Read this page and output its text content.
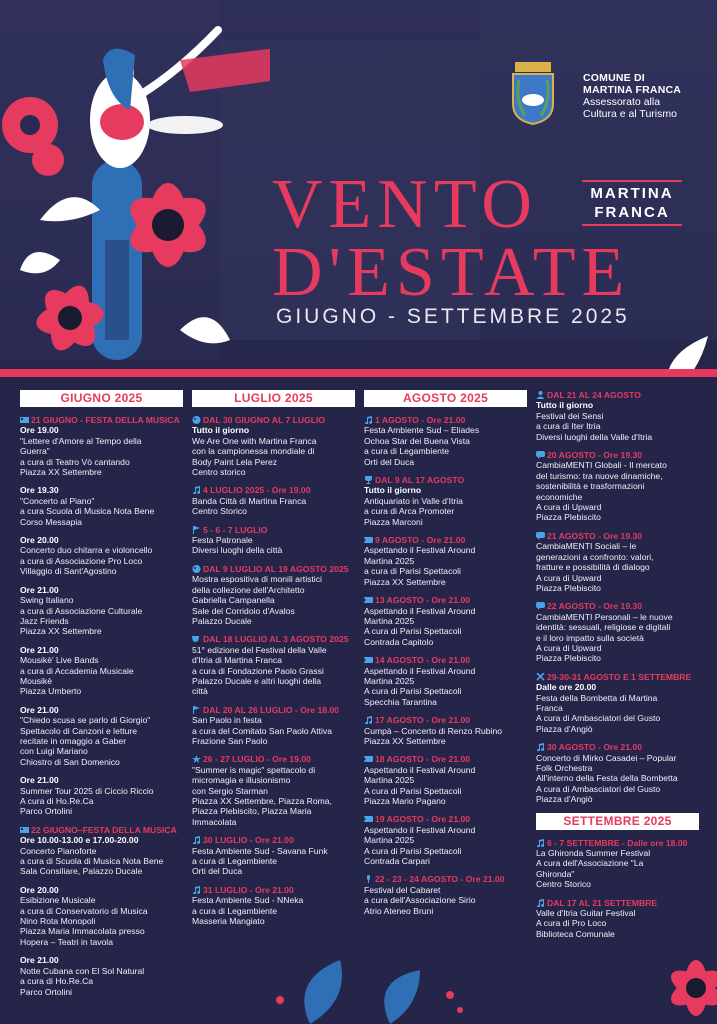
COMUNE DI
MARTINA FRANCA
Assessorato alla
Cultura e al Turismo
VENTO
D'ESTATE
MARTINA
FRANCA
GIUGNO - SETTEMBRE 2025
GIUGNO 2025
21 GIUGNO - FESTA DELLA MUSICA
Ore 19.00
"Lettere d'Amore al Tempo della
Guerra"
a cura di Teatro Vò cantando
Piazza XX Settembre
Ore 19.30
"Concerto al Piano"
a cura Scuola di Musica Nota Bene
Corso Messapia
Ore 20.00
Concerto duo chitarra e violoncello
a cura di Associazione Pro Loco
Villaggio di Sant'Agostino
Ore 21.00
Swing Italiano
a cura di Associazione Culturale
Jazz Friends
Piazza XX Settembre
Ore 21.00
Mousikè' Live Bands
a cura di Accademia Musicale
Mousikè
Piazza Umberto
Ore 21.00
"Chiedo scusa se parlo di Giorgio"
Spettacolo di Canzoni e letture
recitate in omaggio a Gaber
con Luigi Mariano
Chiostro di San Domenico
Ore 21.00
Summer Tour 2025 di Ciccio Riccio
A cura di Ho.Re.Ca
Parco Ortolini
22 GIUGNO–FESTA DELLA MUSICA
Ore 10.00-13.00 e 17.00-20.00
Concerto Pianoforte
a cura di Scuola di Musica Nota Bene
Sala Consiliare, Palazzo Ducale
Ore 20.00
Esibizione Musicale
a cura di Conservatorio di Musica
Nino Rota Monopoli
Piazza Maria Immacolata presso
Hopera – Teatri in tavola
Ore 21.00
Notte Cubana con El Sol Natural
a cura di Ho.Re.Ca
Parco Ortolini
LUGLIO 2025
DAL 30 GIUGNO AL 7 LUGLIO
Tutto il giorno
We Are One with Martina Franca
con la campionessa mondiale di
Body Paint Lela Perez
Centro storico
4 LUGLIO 2025 - Ore 19.00
Banda Città di Martina Franca
Centro Storico
5 - 6 - 7 LUGLIO
Festa Patronale
Diversi luoghi della città
DAL 9 LUGLIO AL 19 AGOSTO 2025
Mostra espositiva di monili artistici
della collezione dell'Architetto
Gabriella Campanella
Sale del Corridoio d'Avalos
Palazzo Ducale
DAL 18 LUGLIO AL 3 AGOSTO 2025
51° edizione del Festival della Valle
d'Itria di Martina Franca
a cura di Fondazione Paolo Grassi
Palazzo Ducale e altri luoghi della
città
DAL 20 AL 26 LUGLIO - Ore 18.00
San Paolo in festa
a cura del Comitato San Paolo Attiva
Frazione San Paolo
26 - 27 LUGLIO - Ore 19.00
"Summer is magic" spettacolo di
micromagia e illusionismo
con Sergio Starman
Piazza XX Settembre, Piazza Roma,
Piazza Plebiscito, Piazza Maria
Immacolata
30 LUGLIO - Ore 21.00
Festa Ambiente Sud - Savana Funk
a cura di Legambiente
Orti del Duca
31 LUGLIO - Ore 21.00
Festa Ambiente Sud - NNeka
a cura di Legambiente
Masseria Mangiato
AGOSTO 2025
1 AGOSTO - Ore 21.00
Festa Ambiente Sud – Eliades
Ochoa Star dei Buena Vista
a cura di Legambiente
Orti del Duca
DAL 9 AL 17 AGOSTO
Tutto il giorno
Antiquariato in Valle d'Itria
a cura di Arca Promoter
Piazza Marconi
9 AGOSTO - Ore 21.00
Aspettando il Festival Around
Martina 2025
a cura di Parisi Spettacoli
Piazza XX Settembre
13 AGOSTO - Ore 21.00
Aspettando il Festival Around
Martina 2025
A cura di Parisi Spettacoli
Contrada Capitolo
14 AGOSTO - Ore 21.00
Aspettando il Festival Around
Martina 2025
A cura di Parisi Spettacoli
Specchia Tarantina
17 AGOSTO - Ore 21.00
Cumpà – Concerto di Renzo Rubino
Piazza XX Settembre
18 AGOSTO - Ore 21.00
Aspettando il Festival Around
Martina 2025
A cura di Parisi Spettacoli
Piazza Mario Pagano
19 AGOSTO - Ore 21.00
Aspettando il Festival Around
Martina 2025
A cura di Parisi Spettacoli
Contrada Carpari
22 - 23 - 24 AGOSTO - Ore 21.00
Festival del Cabaret
a cura dell'Associazione Sirio
Atrio Ateneo Bruni
DAL 21 AL 24 AGOSTO
Tutto il giorno
Festival dei Sensi
a cura di Iter Itria
Diversi luoghi della Valle d'Itria
20 AGOSTO - Ore 19.30
CambiaMENTI Globali - Il mercato
del turismo: tra nuove dinamiche,
sostenibilità e trasformazioni
economiche
A cura di Upward
Piazza Plebiscito
21 AGOSTO - Ore 19.30
CambiaMENTI Sociali – le
generazioni a confronto: valori,
fratture e possibilità di dialogo
A cura di Upward
Piazza Plebiscito
22 AGOSTO - Ore 19.30
CambiaMENTI Personali – le nuove
identità: sessuali, religiose e digitali
e il loro impatto sulla società
A cura di Upward
Piazza Plebiscito
29-30-31 AGOSTO E 1 SETTEMBRE
Dalle ore 20.00
Festa della Bombetta di Martina
Franca
A cura di Ambasciatori del Gusto
Piazza d'Angiò
30 AGOSTO - Ore 21.00
Concerto di Mirko Casadei – Popular
Folk Orchestra
All'interno della Festa della Bombetta
A cura di Ambasciatori del Gusto
Piazza d'Angiò
SETTEMBRE 2025
6 - 7 SETTEMBRE - Dalle ore 18.00
La Ghironda Summer Festival
A cura dell'Associazione "La
Ghironda"
Centro Storico
DAL 17 AL 21 SETTEMBRE
Valle d'Itria Guitar Festival
A cura di Pro Loco
Biblioteca Comunale
